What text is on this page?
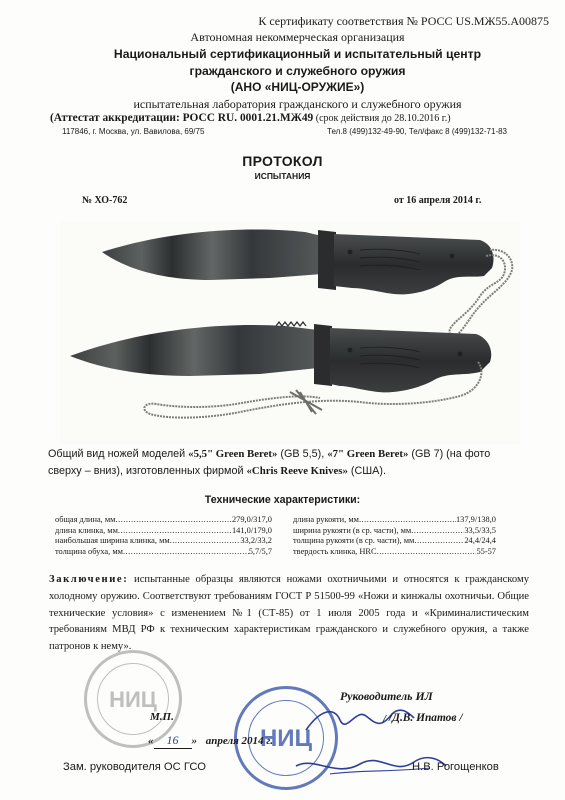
К сертификату соответствия № РОСС US.МЖ55.А00875
Автономная некоммерческая организация
Национальный сертификационный и испытательный центр
гражданского и служебного оружия
(АНО «НИЦ-ОРУЖИЕ»)
испытательная лаборатория гражданского и служебного оружия
(Аттестат аккредитации: РОСС RU. 0001.21.МЖ49 (срок действия до 28.10.2016 г.)
117846, г. Москва, ул. Вавилова, 69/75	Тел.8 (499)132-49-90, Тел/факс 8 (499)132-71-83
ПРОТОКОЛ
ИСПЫТАНИЯ
№ ХО-762	от 16 апреля 2014 г.
Общий вид ножей моделей «5,5" Green Beret» (GB 5,5), «7" Green Beret» (GB 7) (на фото
сверху – вниз), изготовленных фирмой «Chris Reeve Knives» (США).
Технические характеристики:
общая длина, мм .....	279,0/317,0
длина клинка, мм .....	141,0/179,0
наибольшая ширина клинка, мм .....	33,2/33,2
толщина обуха, мм .....	5,7/5,7
длина рукояти, мм .....	137,9/138,0
ширина рукояти (в ср. части), мм .....	33,5/33,5
толщина рукояти (в ср. части), мм .....	24,4/24,4
твердость клинка, HRC .....	55-57
Заключение: испытанные образцы являются ножами охотничьими и относятся к гражданскому холодному оружию. Соответствуют требованиям ГОСТ Р 51500-99 «Ножи и кинжалы охотничьи. Общие технические условия» с изменением №1 (СТ-85) от 1 июля 2005 года и «Криминалистическим требованиям МВД РФ к техническим характеристикам гражданского и служебного оружия, а также патронов к нему».
НИЦ
НИЦ
Руководитель ИЛ
М.П.	/ /Д.В. Ипатов /
« 16 » апреля 2014 г.
Зам. руководителя ОС ГСО	Н.В. Рогощенков
